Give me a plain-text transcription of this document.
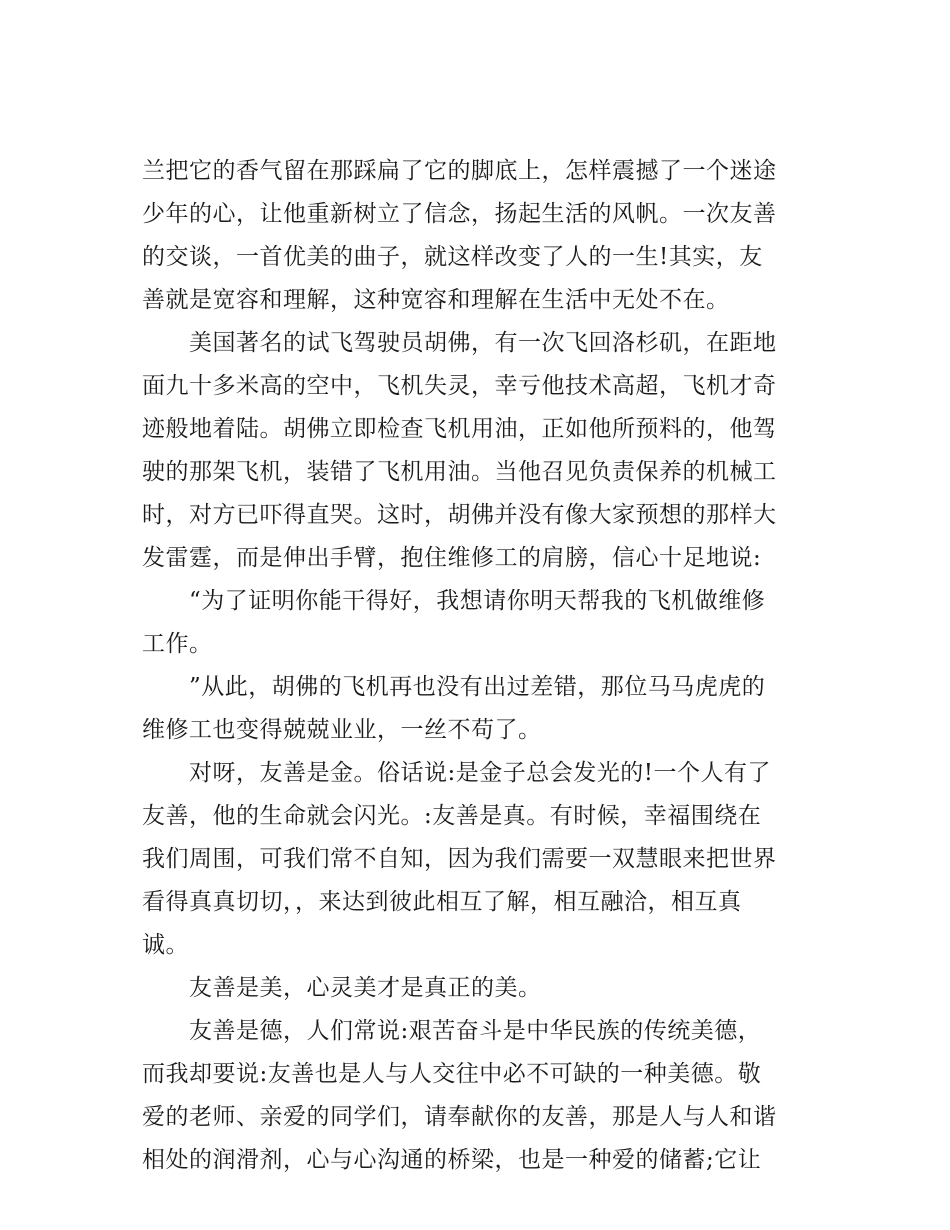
兰把它的香气留在那踩扁了它的脚底上，怎样震撼了一个迷途
少年的心，让他重新树立了信念，扬起生活的风帆。一次友善
的交谈，一首优美的曲子，就这样改变了人的一生!其实，友
善就是宽容和理解，这种宽容和理解在生活中无处不在。
美国著名的试飞驾驶员胡佛，有一次飞回洛杉矶，在距地
面九十多米高的空中，飞机失灵，幸亏他技术高超，飞机才奇
迹般地着陆。胡佛立即检查飞机用油，正如他所预料的，他驾
驶的那架飞机，装错了飞机用油。当他召见负责保养的机械工
时，对方已吓得直哭。这时，胡佛并没有像大家预想的那样大
发雷霆，而是伸出手臂，抱住维修工的肩膀，信心十足地说:
“为了证明你能干得好，我想请你明天帮我的飞机做维修
工作。
”从此，胡佛的飞机再也没有出过差错，那位马马虎虎的
维修工也变得兢兢业业，一丝不苟了。
对呀，友善是金。俗话说:是金子总会发光的!一个人有了
友善，他的生命就会闪光。:友善是真。有时候，幸福围绕在
我们周围，可我们常不自知，因为我们需要一双慧眼来把世界
看得真真切切，，来达到彼此相互了解，相互融洽，相互真
诚。
友善是美，心灵美才是真正的美。
友善是德，人们常说:艰苦奋斗是中华民族的传统美德，
而我却要说:友善也是人与人交往中必不可缺的一种美德。敬
爱的老师、亲爱的同学们，请奉献你的友善，那是人与人和谐
相处的润滑剂，心与心沟通的桥梁，也是一种爱的储蓄;它让
